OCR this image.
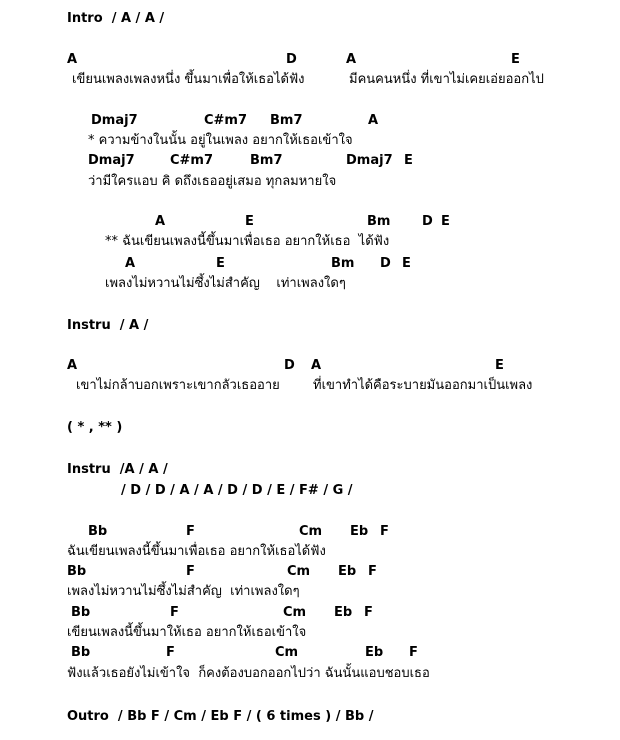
Intro  / A / A /
A	D	A	E
เขียนเพลงเพลงหนึ่ง ขึ้นมาเพื่อให้เธอได้ฟัง	มีคนคนหนึ่ง ที่เขาไม่เคยเอ่ยออกไป
Dmaj7	C#m7 Bm7	A
* ความข้างในนั้น อยู่ในเพลง อยากให้เธอเข้าใจ
Dmaj7	C#m7	Bm7	Dmaj7 E
ว่ามีใครแอบ คิ ดถึงเธออยู่เสมอ ทุกลมหายใจ
A	E	Bm D E
** ฉันเขียนเพลงนี้ขึ้นมาเพื่อเธอ อยากให้เธอ  ได้ฟัง
A	E	Bm D E
เพลงไม่หวานไม่ซึ้งไม่สำคัญ    เท่าเพลงใดๆ
Instru  / A /
A	D A	E
เขาไม่กล้าบอกเพราะเขากลัวเธออาย	ที่เขาทำได้คือระบายมันออกมาเป็นเพลง
( * , ** )
Instru  /A / A /
/ D / D / A / A / D / D / E / F# / G /
Bb	F	Cm Eb F
ฉันเขียนเพลงนี้ขึ้นมาเพื่อเธอ อยากให้เธอได้ฟัง
Bb	F	Cm Eb F
เพลงไม่หวานไม่ซึ้งไม่สำคัญ  เท่าเพลงใดๆ
Bb	F	Cm Eb F
เขียนเพลงนี้ขึ้นมาให้เธอ อยากให้เธอเข้าใจ
Bb	F	Cm	Eb F
ฟังแล้วเธอยังไม่เข้าใจ  ก็คงต้องบอกออกไปว่า ฉันนั้นแอบชอบเธอ
Outro  / Bb F / Cm / Eb F / ( 6 times ) / Bb /
